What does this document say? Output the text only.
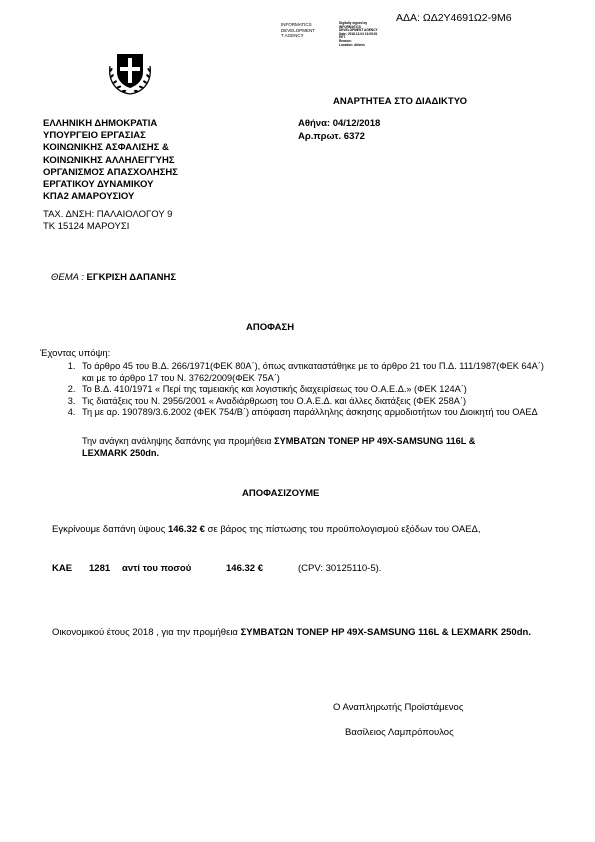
ΑΔΑ: ΩΔ2Υ4691Ω2-9Μ6
INFORMATICS
DEVELOPMENT
T AGENCY
Digitally signed by
INFORMATICS
DEVELOPMENT AGENCY
Date: 2018.12.04 13:05:51
EET
Reason:
Location: Athens
ΑΝΑΡΤΗΤΕΑ ΣΤΟ ΔΙΑΔΙΚΤΥΟ
ΕΛΛΗΝΙΚΗ ΔΗΜΟΚΡΑΤΙΑ
ΥΠΟΥΡΓΕΙΟ ΕΡΓΑΣΙΑΣ
ΚΟΙΝΩΝΙΚΗΣ ΑΣΦΑΛΙΣΗΣ &
ΚΟΙΝΩΝΙΚΗΣ ΑΛΛΗΛΕΓΓΥΗΣ
ΟΡΓΑΝΙΣΜΟΣ ΑΠΑΣΧΟΛΗΣΗΣ
ΕΡΓΑΤΙΚΟΥ ΔΥΝΑΜΙΚΟΥ
ΚΠΑ2 ΑΜΑΡΟΥΣΙΟΥ
ΤΑΧ. ΔΝΣΗ: ΠΑΛΑΙΟΛΟΓΟΥ 9
ΤΚ 15124 ΜΑΡΟΥΣΙ
Αθήνα: 04/12/2018
Αρ.πρωτ. 6372
ΘΕΜΑ : ΕΓΚΡΙΣΗ ΔΑΠΑΝΗΣ
ΑΠΟΦΑΣΗ
Έχοντας υπόψη:
1. Το άρθρο 45 του Β.Δ. 266/1971(ΦΕΚ 80Α΄), όπως αντικαταστάθηκε με το άρθρο 21 του Π.Δ. 111/1987(ΦΕΚ 64Α΄) και με το άρθρο 17 του Ν. 3762/2009(ΦΕΚ 75Α΄)
2. Το Β.Δ. 410/1971 « Περί της ταμειακής και λογιστικής διαχειρίσεως του Ο.Α.Ε.Δ.» (ΦΕΚ 124Α΄)
3. Τις διατάξεις του Ν. 2956/2001 « Αναδιάρθρωση του Ο.Α.Ε.Δ. και άλλες διατάξεις (ΦΕΚ 258Α΄)
4. Τη με αρ. 190789/3.6.2002 (ΦΕΚ 754/Β΄) απόφαση παράλληλης άσκησης αρμοδιοτήτων του Διοικητή του ΟΑΕΔ
Την ανάγκη ανάληψης δαπάνης για προμήθεια ΣΥΜΒΑΤΩΝ TONEP HP 49X-SAMSUNG 116L & LEXMARK 250dn.
ΑΠΟΦΑΣΙΖΟΥΜΕ
Εγκρίνουμε δαπάνη ύψους 146.32 € σε βάρος της πίστωσης του προϋπολογισμού εξόδων του ΟΑΕΔ,
ΚΑΕ 1281 αντί του ποσού	146.32 €	(CPV: 30125110-5).
Οικονομικού έτους 2018 , για την προμήθεια ΣΥΜΒΑΤΩΝ TONEP HP 49X-SAMSUNG 116L & LEXMARK 250dn.
Ο Αναπληρωτής Προϊστάμενος
Βασίλειος Λαμπρόπουλος
